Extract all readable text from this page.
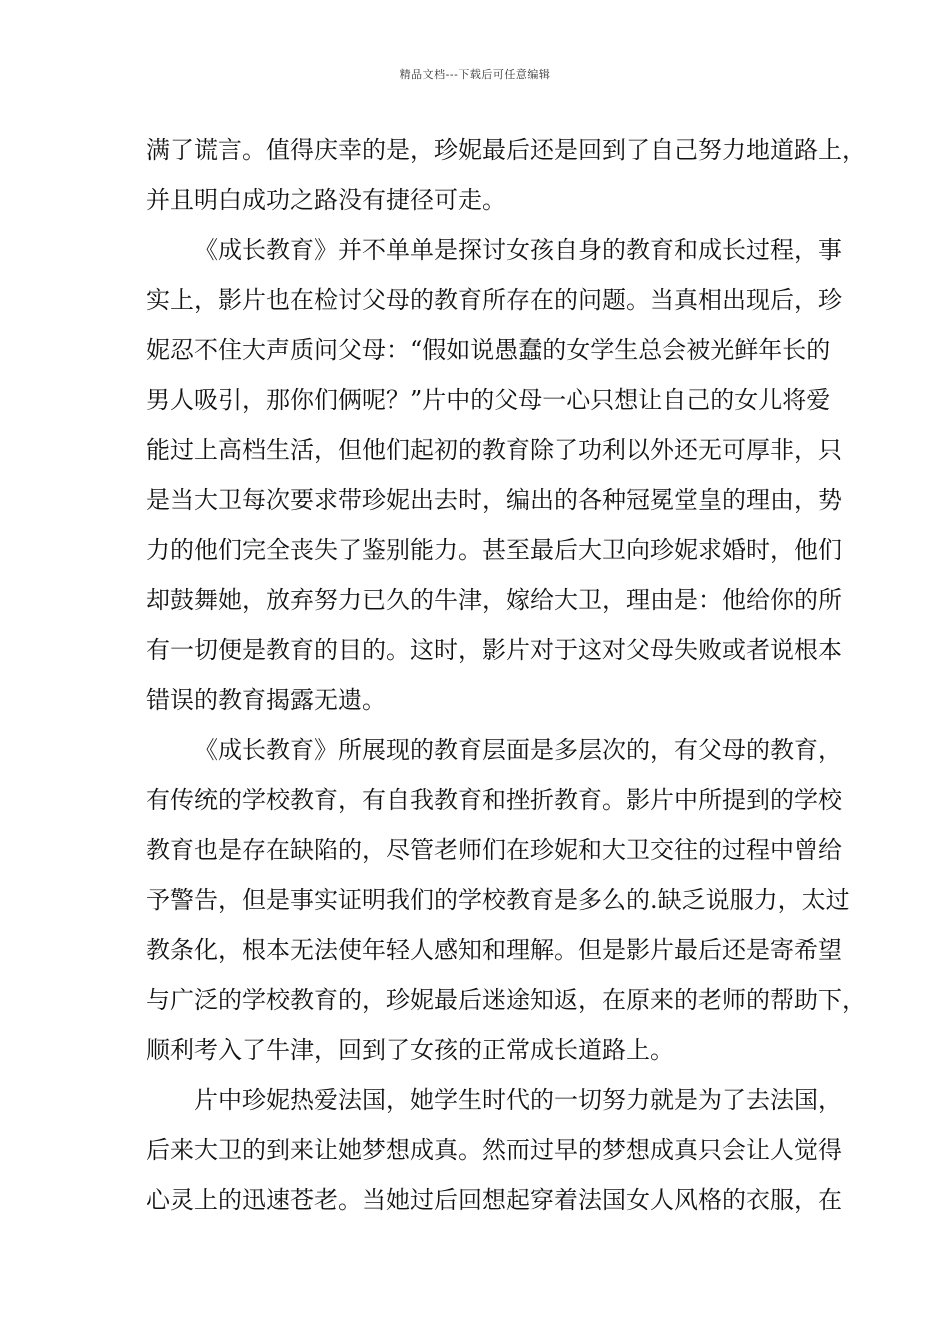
精品文档---下载后可任意编辑
满了谎言。值得庆幸的是，珍妮最后还是回到了自己努力地道路上，
并且明白成功之路没有捷径可走。
《成长教育》并不单单是探讨女孩自身的教育和成长过程，事
实上，影片也在检讨父母的教育所存在的问题。当真相出现后，珍
妮忍不住大声质问父母：“假如说愚蠢的女学生总会被光鲜年长的
男人吸引，那你们俩呢？”片中的父母一心只想让自己的女儿将爱
能过上高档生活，但他们起初的教育除了功利以外还无可厚非，只
是当大卫每次要求带珍妮出去时，编出的各种冠冕堂皇的理由，势
力的他们完全丧失了鉴别能力。甚至最后大卫向珍妮求婚时，他们
却鼓舞她，放弃努力已久的牛津，嫁给大卫，理由是：他给你的所
有一切便是教育的目的。这时，影片对于这对父母失败或者说根本
错误的教育揭露无遗。
《成长教育》所展现的教育层面是多层次的，有父母的教育，
有传统的学校教育，有自我教育和挫折教育。影片中所提到的学校
教育也是存在缺陷的，尽管老师们在珍妮和大卫交往的过程中曾给
予警告，但是事实证明我们的学校教育是多么的.缺乏说服力，太过
教条化，根本无法使年轻人感知和理解。但是影片最后还是寄希望
与广泛的学校教育的，珍妮最后迷途知返，在原来的老师的帮助下，
顺利考入了牛津，回到了女孩的正常成长道路上。
片中珍妮热爱法国，她学生时代的一切努力就是为了去法国，
后来大卫的到来让她梦想成真。然而过早的梦想成真只会让人觉得
心灵上的迅速苍老。当她过后回想起穿着法国女人风格的衣服，在
